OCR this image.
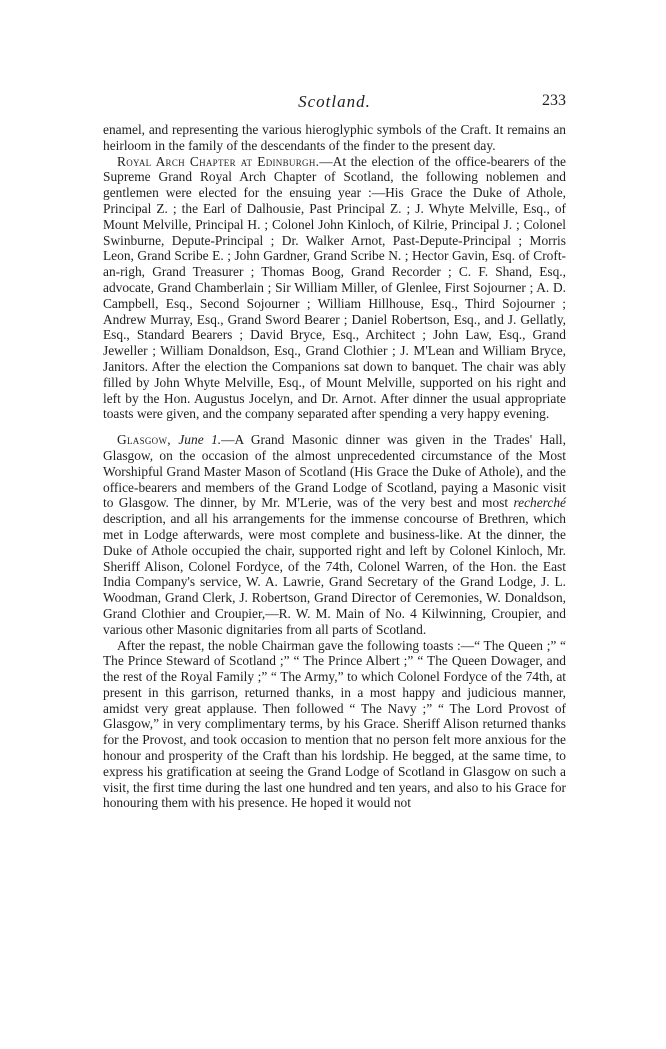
Scotland.	233

enamel, and representing the various hieroglyphic symbols of the Craft. It remains an heirloom in the family of the descendants of the finder to the present day.

Royal Arch Chapter at Edinburgh.—At the election of the office-bearers of the Supreme Grand Royal Arch Chapter of Scotland, the following noblemen and gentlemen were elected for the ensuing year :—His Grace the Duke of Athole, Principal Z. ; the Earl of Dalhousie, Past Principal Z. ; J. Whyte Melville, Esq., of Mount Melville, Principal H. ; Colonel John Kinloch, of Kilrie, Principal J. ; Colonel Swinburne, Depute-Principal ; Dr. Walker Arnot, Past-Depute-Principal ; Morris Leon, Grand Scribe E. ; John Gardner, Grand Scribe N. ; Hector Gavin, Esq. of Croft-an-righ, Grand Treasurer ; Thomas Boog, Grand Recorder ; C. F. Shand, Esq., advocate, Grand Chamberlain ; Sir William Miller, of Glenlee, First Sojourner ; A. D. Campbell, Esq., Second Sojourner ; William Hillhouse, Esq., Third Sojourner ; Andrew Murray, Esq., Grand Sword Bearer ; Daniel Robertson, Esq., and J. Gellatly, Esq., Standard Bearers ; David Bryce, Esq., Architect ; John Law, Esq., Grand Jeweller ; William Donaldson, Esq., Grand Clothier ; J. M'Lean and William Bryce, Janitors. After the election the Companions sat down to banquet. The chair was ably filled by John Whyte Melville, Esq., of Mount Melville, supported on his right and left by the Hon. Augustus Jocelyn, and Dr. Arnot. After dinner the usual appropriate toasts were given, and the company separated after spending a very happy evening.

Glasgow, June 1.—A Grand Masonic dinner was given in the Trades' Hall, Glasgow, on the occasion of the almost unprecedented circumstance of the Most Worshipful Grand Master Mason of Scotland (His Grace the Duke of Athole), and the office-bearers and members of the Grand Lodge of Scotland, paying a Masonic visit to Glasgow. The dinner, by Mr. M'Lerie, was of the very best and most recherché description, and all his arrangements for the immense concourse of Brethren, which met in Lodge afterwards, were most complete and business-like. At the dinner, the Duke of Athole occupied the chair, supported right and left by Colonel Kinloch, Mr. Sheriff Alison, Colonel Fordyce, of the 74th, Colonel Warren, of the Hon. the East India Company's service, W. A. Lawrie, Grand Secretary of the Grand Lodge, J. L. Woodman, Grand Clerk, J. Robertson, Grand Director of Ceremonies, W. Donaldson, Grand Clothier and Croupier,—R. W. M. Main of No. 4 Kilwinning, Croupier, and various other Masonic dignitaries from all parts of Scotland.

After the repast, the noble Chairman gave the following toasts :—“ The Queen ;” “ The Prince Steward of Scotland ;” “ The Prince Albert ;” “ The Queen Dowager, and the rest of the Royal Family ;” “ The Army,” to which Colonel Fordyce of the 74th, at present in this garrison, returned thanks, in a most happy and judicious manner, amidst very great applause. Then followed “ The Navy ;” “ The Lord Provost of Glasgow,” in very complimentary terms, by his Grace. Sheriff Alison returned thanks for the Provost, and took occasion to mention that no person felt more anxious for the honour and prosperity of the Craft than his lordship. He begged, at the same time, to express his gratification at seeing the Grand Lodge of Scotland in Glasgow on such a visit, the first time during the last one hundred and ten years, and also to his Grace for honouring them with his presence. He hoped it would not
